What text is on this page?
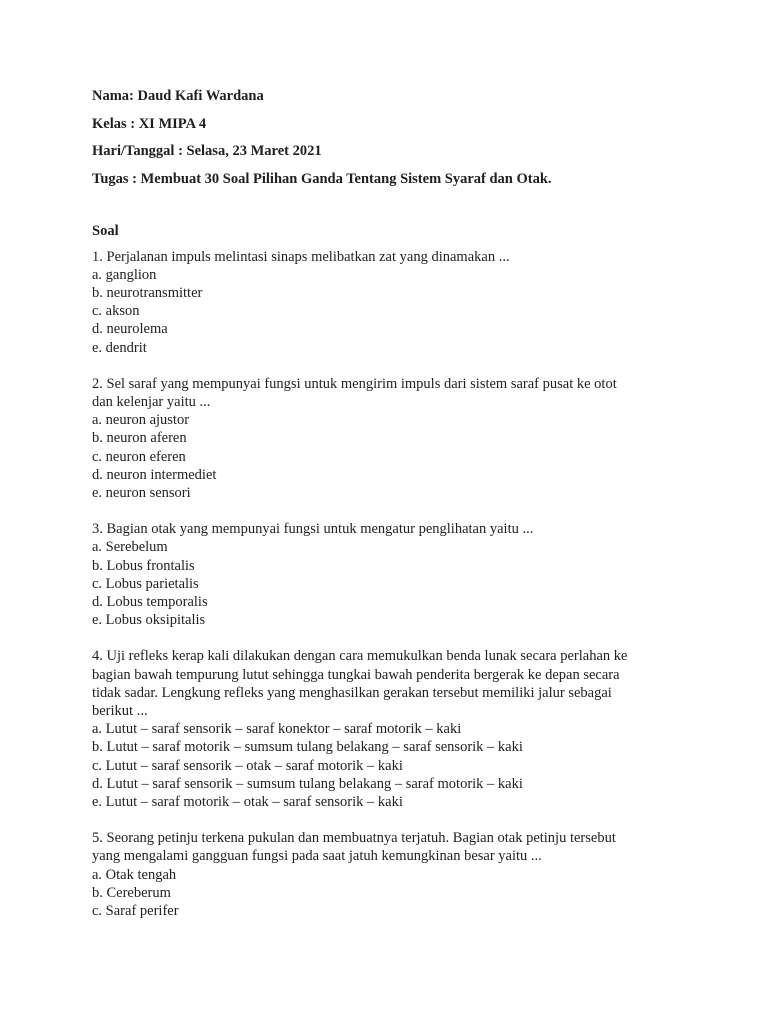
Nama: Daud Kafi Wardana
Kelas : XI MIPA 4
Hari/Tanggal : Selasa, 23 Maret 2021
Tugas : Membuat 30 Soal Pilihan Ganda Tentang Sistem Syaraf dan Otak.
Soal
1. Perjalanan impuls melintasi sinaps melibatkan zat yang dinamakan ...
a. ganglion
b. neurotransmitter
c. akson
d. neurolema
e. dendrit
2. Sel saraf yang mempunyai fungsi untuk mengirim impuls dari sistem saraf pusat ke otot
dan kelenjar yaitu ...
a. neuron ajustor
b. neuron aferen
c. neuron eferen
d. neuron intermediet
e. neuron sensori
3. Bagian otak yang mempunyai fungsi untuk mengatur penglihatan yaitu ...
a. Serebelum
b. Lobus frontalis
c. Lobus parietalis
d. Lobus temporalis
e. Lobus oksipitalis
4. Uji refleks kerap kali dilakukan dengan cara memukulkan benda lunak secara perlahan ke
bagian bawah tempurung lutut sehingga tungkai bawah penderita bergerak ke depan secara
tidak sadar. Lengkung refleks yang menghasilkan gerakan tersebut memiliki jalur sebagai
berikut ...
a. Lutut – saraf sensorik – saraf konektor – saraf motorik – kaki
b. Lutut – saraf motorik – sumsum tulang belakang – saraf sensorik – kaki
c. Lutut – saraf sensorik – otak – saraf motorik – kaki
d. Lutut – saraf sensorik – sumsum tulang belakang – saraf motorik – kaki
e. Lutut – saraf motorik – otak – saraf sensorik – kaki
5. Seorang petinju terkena pukulan dan membuatnya terjatuh. Bagian otak petinju tersebut
yang mengalami gangguan fungsi pada saat jatuh kemungkinan besar yaitu ...
a. Otak tengah
b. Cereberum
c. Saraf perifer
